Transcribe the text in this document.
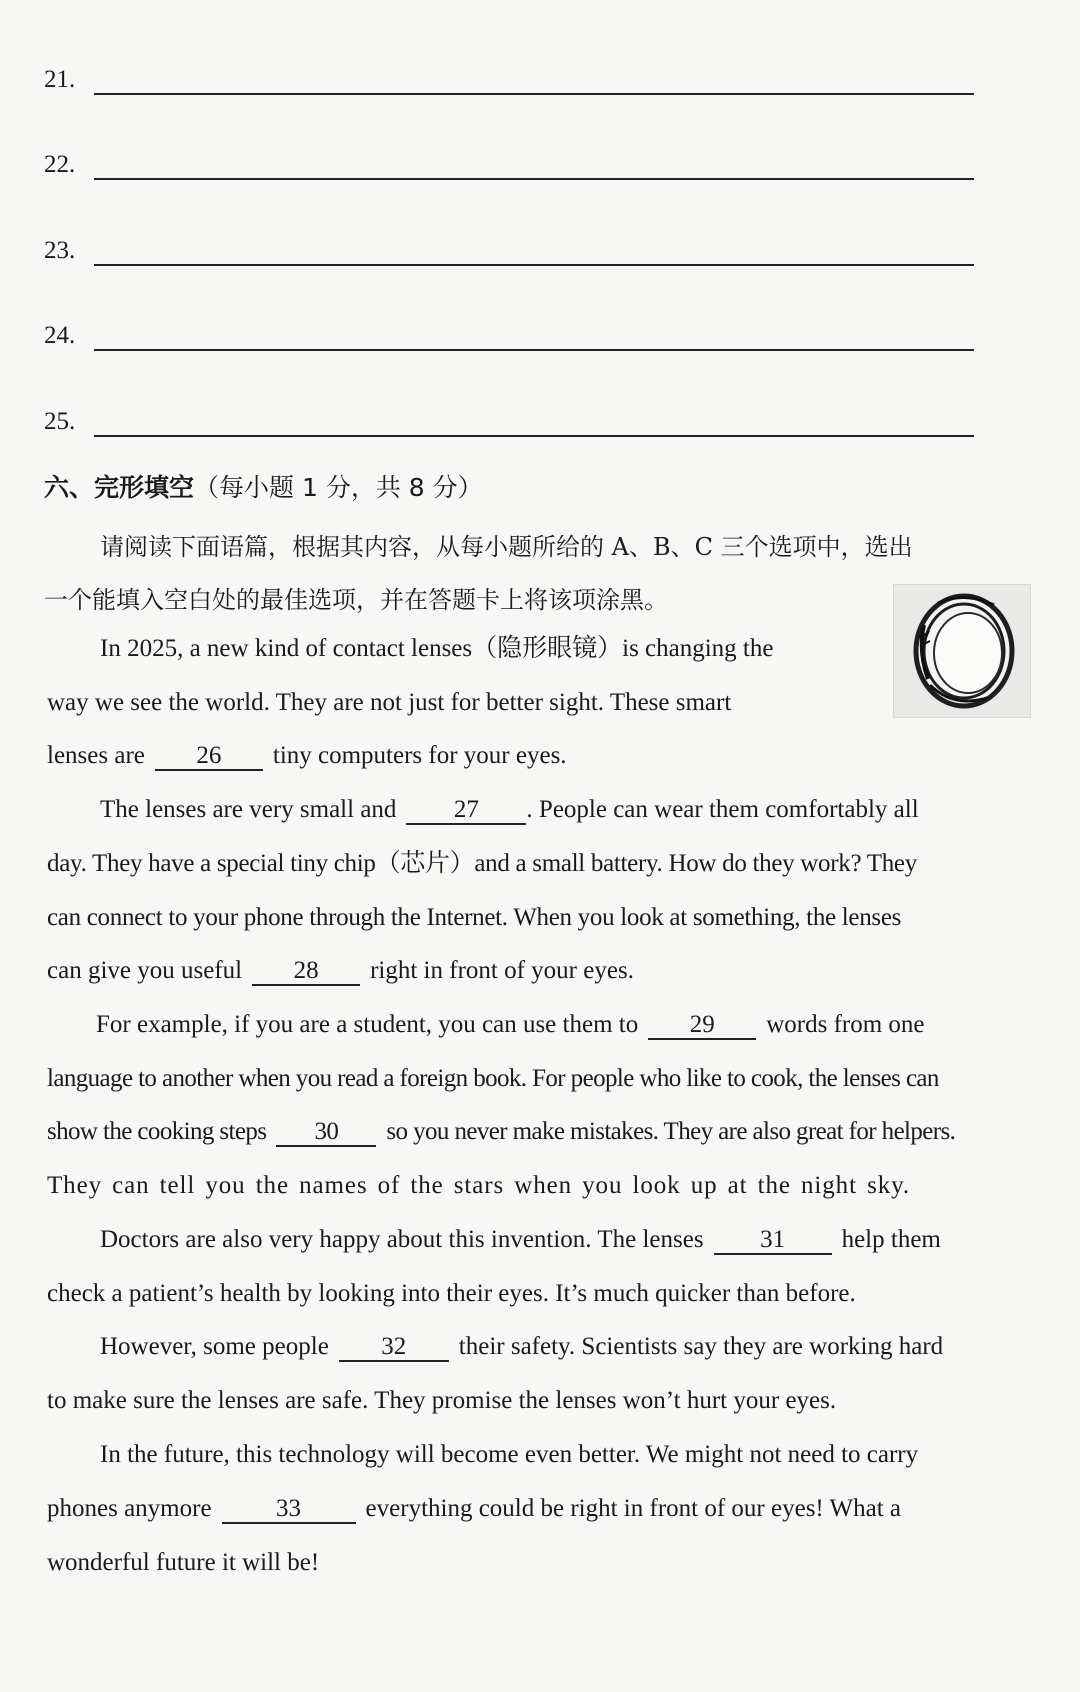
21.
22.
23.
24.
25.
六、完形填空（每小题 1 分，共 8 分）
请阅读下面语篇，根据其内容，从每小题所给的 A、B、C 三个选项中，选出
一个能填入空白处的最佳选项，并在答题卡上将该项涂黑。
In 2025, a new kind of contact lenses（隐形眼镜）is changing the
way we see the world. They are not just for better sight. These smart
lenses are 26 tiny computers for your eyes.
The lenses are very small and 27 . People can wear them comfortably all
day. They have a special tiny chip（芯片）and a small battery. How do they work? They
can connect to your phone through the Internet. When you look at something, the lenses
can give you useful 28 right in front of your eyes.
For example, if you are a student, you can use them to 29 words from one
language to another when you read a foreign book. For people who like to cook, the lenses can
show the cooking steps 30 so you never make mistakes. They are also great for helpers.
They can tell you the names of the stars when you look up at the night sky.
Doctors are also very happy about this invention. The lenses 31 help them
check a patient’s health by looking into their eyes. It’s much quicker than before.
However, some people 32 their safety. Scientists say they are working hard
to make sure the lenses are safe. They promise the lenses won’t hurt your eyes.
In the future, this technology will become even better. We might not need to carry
phones anymore	33	everything could be right in front of our eyes! What a
wonderful future it will be!
